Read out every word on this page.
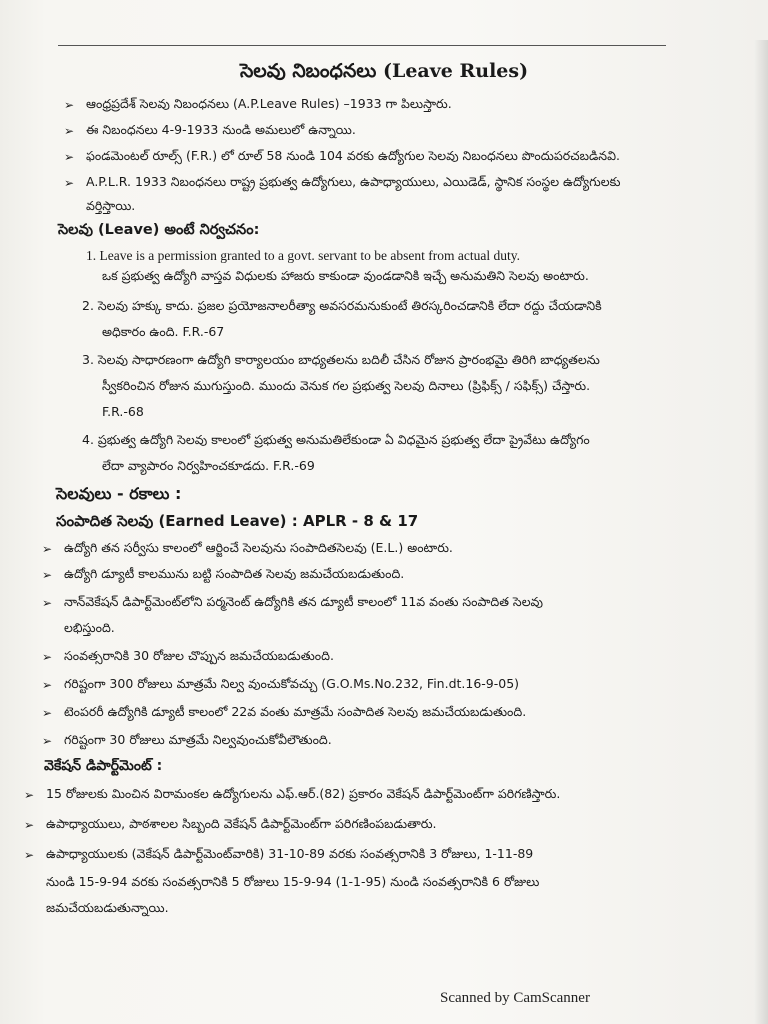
సెలవు నిబంధనలు (Leave Rules)
➢ ఆంధ్రప్రదేశ్ సెలవు నిబంధనలు (A.P.Leave Rules) –1933 గా పిలుస్తారు.
➢ ఈ నిబంధనలు 4-9-1933 నుండి అమలులో ఉన్నాయి.
➢ ఫండమెంటల్ రూల్స్ (F.R.) లో రూల్ 58 నుండి 104 వరకు ఉద్యోగుల సెలవు నిబంధనలు పొందుపరచబడినవి.
➢ A.P.L.R. 1933 నిబంధనలు రాష్ట్ర ప్రభుత్వ ఉద్యోగులు, ఉపాధ్యాయులు, ఎయిడెడ్, స్థానిక సంస్థల ఉద్యోగులకు
వర్తిస్తాయి.
సెలవు (Leave) అంటే నిర్వచనం:
1. Leave is a permission granted to a govt. servant to be absent from actual duty.
ఒక ప్రభుత్వ ఉద్యోగి వాస్తవ విధులకు హాజరు కాకుండా వుండడానికి ఇచ్చే అనుమతిని సెలవు అంటారు.
2. సెలవు హక్కు కాదు. ప్రజల ప్రయోజనాలరీత్యా అవసరమనుకుంటే తిరస్కరించడానికి లేదా రద్దు చేయడానికి
అధికారం ఉంది. F.R.-67
3. సెలవు సాధారణంగా ఉద్యోగి కార్యాలయం బాధ్యతలను బదిలీ చేసిన రోజున ప్రారంభమై తిరిగి బాధ్యతలను
స్వీకరించిన రోజున ముగుస్తుంది. ముందు వెనుక గల ప్రభుత్వ సెలవు దినాలు (ప్రిఫిక్స్ / సఫిక్స్) చేస్తారు.
F.R.-68
4. ప్రభుత్వ ఉద్యోగి సెలవు కాలంలో ప్రభుత్వ అనుమతిలేకుండా ఏ విధమైన ప్రభుత్వ లేదా ప్రైవేటు ఉద్యోగం
లేదా వ్యాపారం నిర్వహించకూడదు. F.R.-69
సెలవులు - రకాలు :
సంపాదిత సెలవు (Earned Leave) : APLR - 8 & 17
➢ ఉద్యోగి తన సర్వీసు కాలంలో ఆర్జించే సెలవును సంపాదితసెలవు (E.L.) అంటారు.
➢ ఉద్యోగి డ్యూటీ కాలమును బట్టి సంపాదిత సెలవు జమచేయబడుతుంది.
➢ నాన్‌వెకేషన్ డిపార్ట్‌మెంట్‌లోని పర్మనెంట్ ఉద్యోగికి తన డ్యూటీ కాలంలో 11వ వంతు సంపాదిత సెలవు
లభిస్తుంది.
➢ సంవత్సరానికి 30 రోజుల చొప్పున జమచేయబడుతుంది.
➢ గరిష్టంగా 300 రోజులు మాత్రమే నిల్వ వుంచుకోవచ్చు (G.O.Ms.No.232, Fin.dt.16-9-05)
➢ టెంపరరీ ఉద్యోగికి డ్యూటీ కాలంలో 22వ వంతు మాత్రమే సంపాదిత సెలవు జమచేయబడుతుంది.
➢ గరిష్టంగా 30 రోజులు మాత్రమే నిల్వవుంచుకోవీలౌతుంది.
వెకేషన్ డిపార్ట్‌మెంట్ :
➢ 15 రోజులకు మించిన విరామంకల ఉద్యోగులను ఎఫ్.ఆర్.(82) ప్రకారం వెకేషన్ డిపార్ట్‌మెంట్‌గా పరిగణిస్తారు.
➢ ఉపాధ్యాయులు, పాఠశాలల సిబ్బంది వెకేషన్ డిపార్ట్‌మెంట్‌గా పరిగణింపబడుతారు.
➢ ఉపాధ్యాయులకు (వెకేషన్ డిపార్ట్‌మెంట్‌వారికి) 31-10-89 వరకు సంవత్సరానికి 3 రోజులు, 1-11-89
నుండి 15-9-94 వరకు సంవత్సరానికి 5 రోజులు 15-9-94 (1-1-95) నుండి సంవత్సరానికి 6 రోజులు
జమచేయబడుతున్నాయి.
Scanned by CamScanner
